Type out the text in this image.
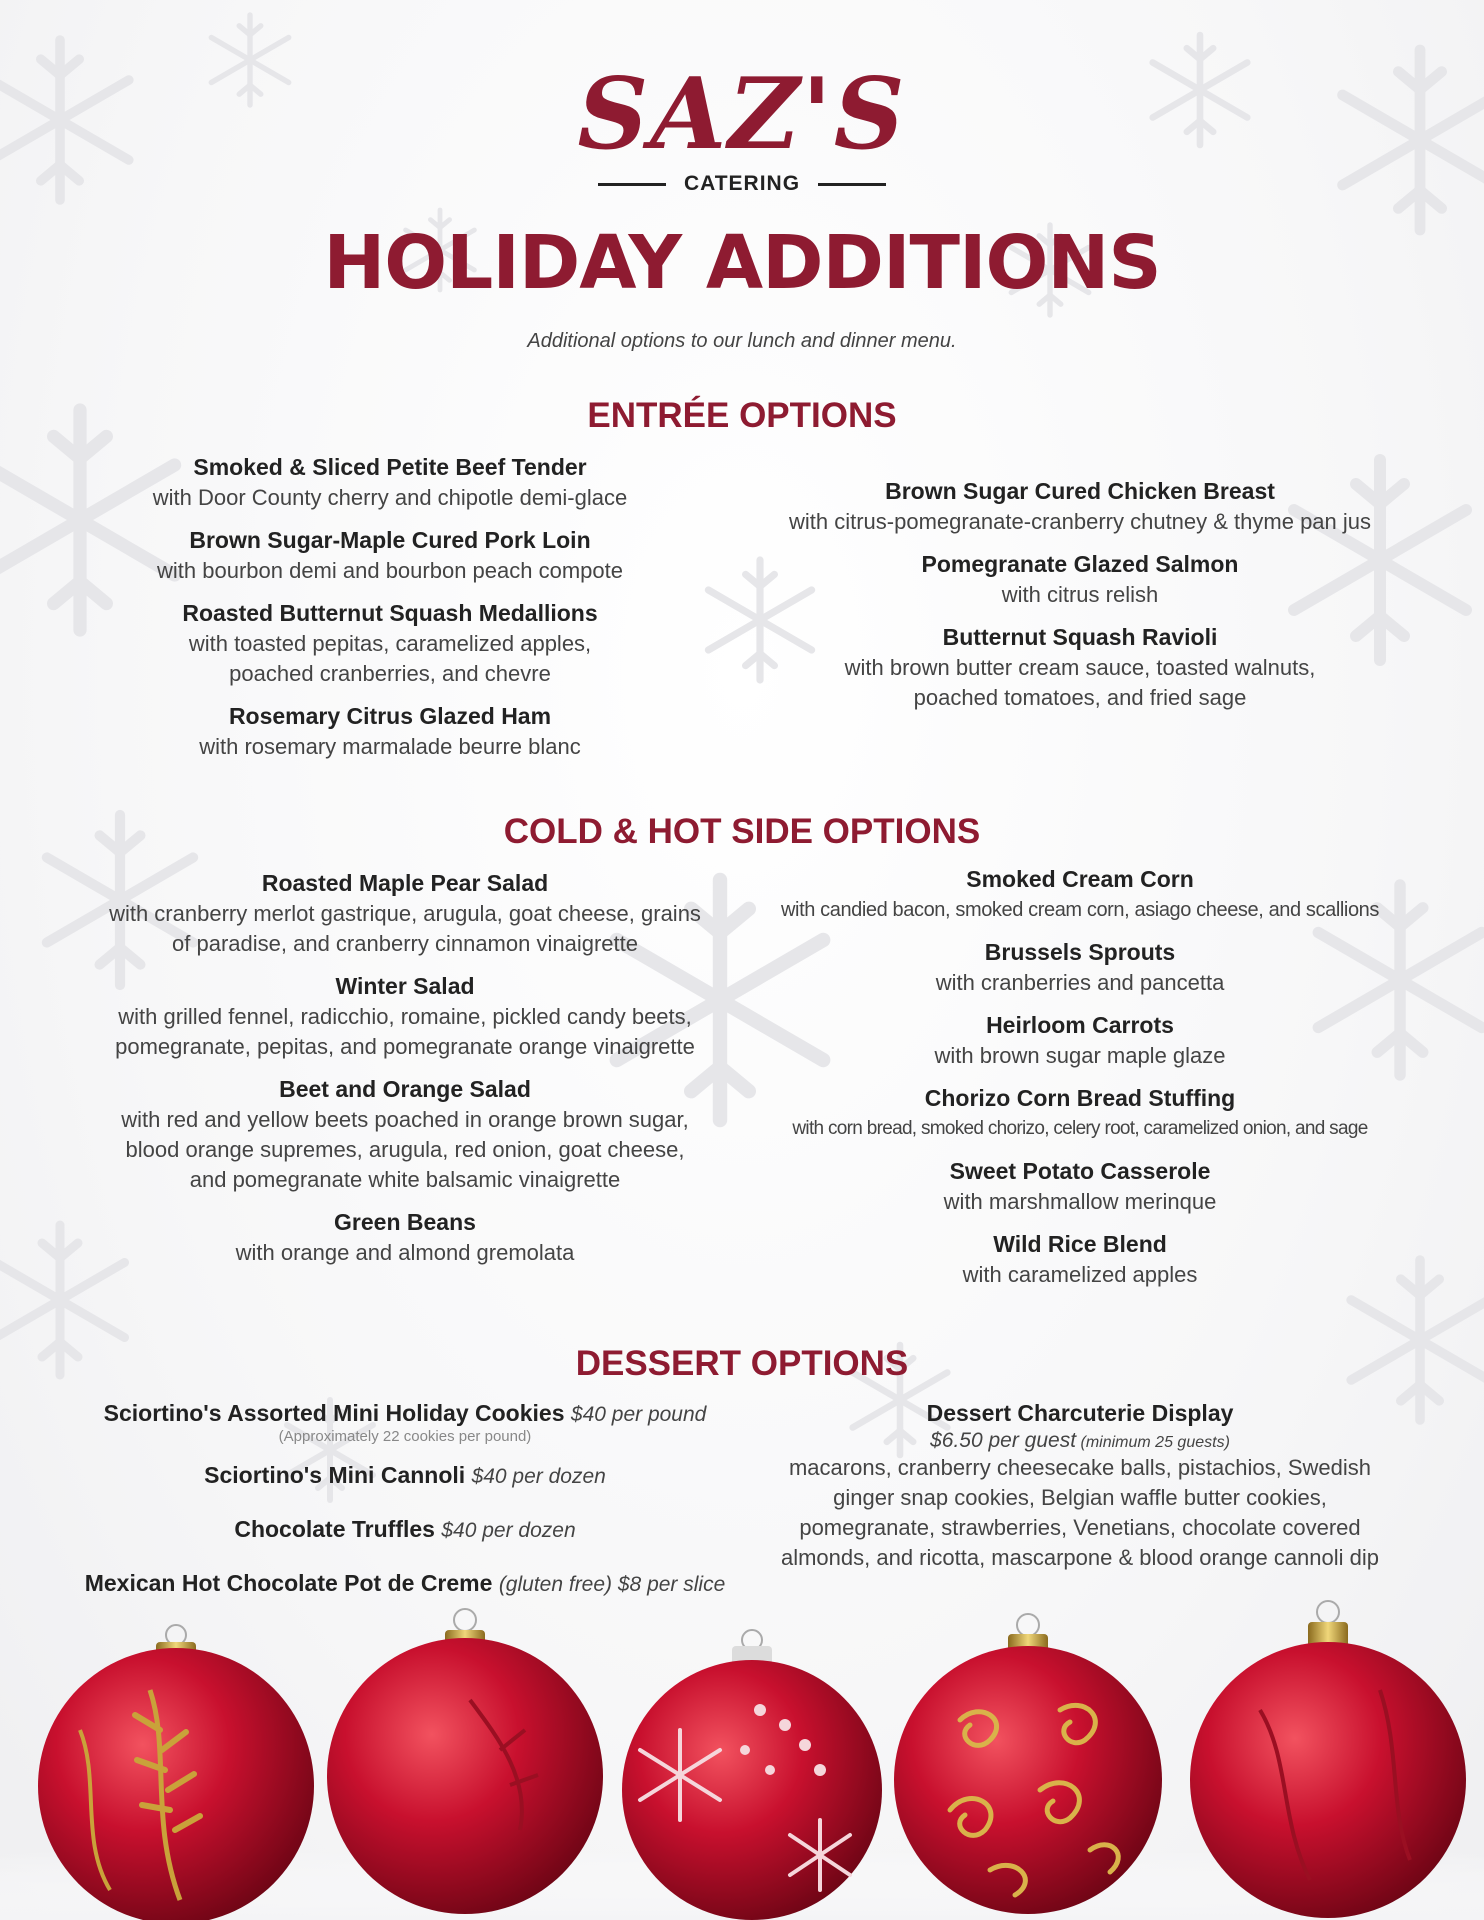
SAZ'S
CATERING
HOLIDAY ADDITIONS
Additional options to our lunch and dinner menu.
ENTRÉE OPTIONS
Smoked & Sliced Petite Beef Tender
with Door County cherry and chipotle demi-glace
Brown Sugar-Maple Cured Pork Loin
with bourbon demi and bourbon peach compote
Roasted Butternut Squash Medallions
with toasted pepitas, caramelized apples, poached cranberries, and chevre
Rosemary Citrus Glazed Ham
with rosemary marmalade beurre blanc
Brown Sugar Cured Chicken Breast
with citrus-pomegranate-cranberry chutney & thyme pan jus
Pomegranate Glazed Salmon
with citrus relish
Butternut Squash Ravioli
with brown butter cream sauce, toasted walnuts, poached tomatoes, and fried sage
COLD & HOT SIDE OPTIONS
Roasted Maple Pear Salad
with cranberry merlot gastrique, arugula, goat cheese, grains of paradise, and cranberry cinnamon vinaigrette
Winter Salad
with grilled fennel, radicchio, romaine, pickled candy beets, pomegranate, pepitas, and pomegranate orange vinaigrette
Beet and Orange Salad
with red and yellow beets poached in orange brown sugar, blood orange supremes, arugula, red onion, goat cheese, and pomegranate white balsamic vinaigrette
Green Beans
with orange and almond gremolata
Smoked Cream Corn
with candied bacon, smoked cream corn, asiago cheese, and scallions
Brussels Sprouts
with cranberries and pancetta
Heirloom Carrots
with brown sugar maple glaze
Chorizo Corn Bread Stuffing
with corn bread, smoked chorizo, celery root, caramelized onion, and sage
Sweet Potato Casserole
with marshmallow merinque
Wild Rice Blend
with caramelized apples
DESSERT OPTIONS
Sciortino's Assorted Mini Holiday Cookies $40 per pound
(Approximately 22 cookies per pound)
Sciortino's Mini Cannoli $40 per dozen
Chocolate Truffles $40 per dozen
Mexican Hot Chocolate Pot de Creme (gluten free) $8 per slice
Dessert Charcuterie Display
$6.50 per guest (minimum 25 guests)
macarons, cranberry cheesecake balls, pistachios, Swedish ginger snap cookies, Belgian waffle butter cookies, pomegranate, strawberries, Venetians, chocolate covered almonds, and ricotta, mascarpone & blood orange cannoli dip
